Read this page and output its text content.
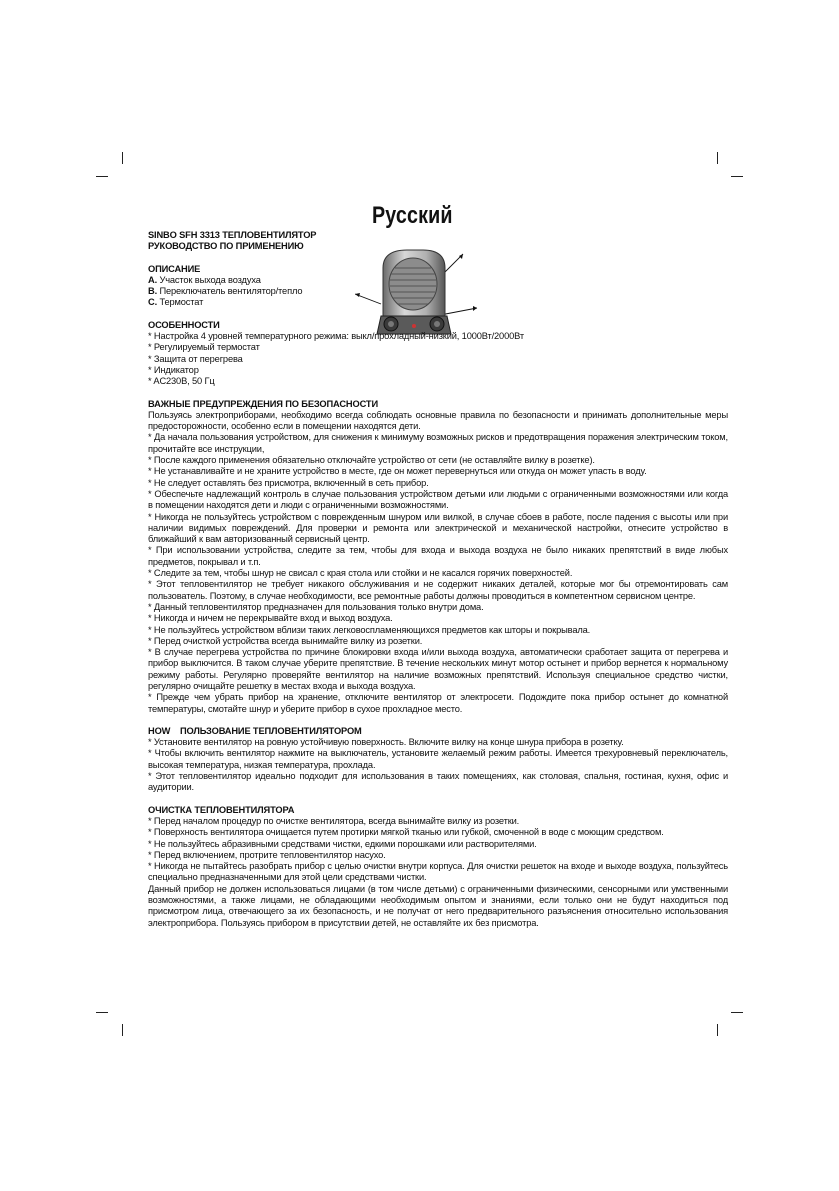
Русский

SINBO SFH 3313 ТЕПЛОВЕНТИЛЯТОР

РУКОВОДСТВО ПО ПРИМЕНЕНИЮ

ОПИСАНИЕ

A. Участок выхода воздуха

B. Переключатель вентилятор/тепло

C. Термостат

ОСОБЕННОСТИ

* Настройка 4 уровней температурного режима: выкл/прохладный-низкий, 1000Вт/2000Вт

* Регулируемый термостат

* Защита от перегрева

* Индикатор

* AC230В, 50 Гц

ВАЖНЫЕ ПРЕДУПРЕЖДЕНИЯ ПО БЕЗОПАСНОСТИ

Пользуясь электроприборами, необходимо всегда соблюдать основные правила по безопасности и принимать дополнительные меры предосторожности, особенно если в помещении находятся дети.

* Да начала пользования устройством, для снижения к минимуму возможных рисков и предотвращения поражения электрическим током, прочитайте все инструкции,

* После каждого применения обязательно отключайте устройство от сети (не оставляйте вилку в розетке).

* Не устанавливайте и не храните устройство в месте, где он может перевернуться или откуда он может упасть в воду.

* Не следует оставлять без присмотра, включенный в сеть прибор.

* Обеспечьте надлежащий контроль в случае пользования устройством детьми или людьми с ограниченными возможностями или когда в помещении находятся дети и люди с ограниченными возможностями.

* Никогда не пользуйтесь устройством с поврежденным шнуром или вилкой, в случае сбоев в работе, после падения с высоты или при наличии видимых повреждений. Для проверки и ремонта или электрической и механической настройки, отнесите устройство в ближайший к вам авторизованный сервисный центр.

* При использовании устройства, следите за тем, чтобы для входа и выхода воздуха не было никаких препятствий в виде любых предметов, покрывал и т.п.

* Следите за тем, чтобы шнур не свисал с края стола или стойки и не касался горячих поверхностей.

* Этот тепловентилятор не требует никакого обслуживания и не содержит никаких деталей, которые мог бы отремонтировать сам пользователь. Поэтому, в случае необходимости, все ремонтные работы должны проводиться в компетентном сервисном центре.

* Данный тепловентилятор предназначен для пользования только внутри дома.

* Никогда и ничем не перекрывайте вход и выход воздуха.

* Не пользуйтесь устройством вблизи таких легковоспламеняющихся предметов как шторы и покрывала.

* Перед очисткой устройства всегда вынимайте вилку из розетки.

* В случае перегрева устройства по причине блокировки входа и/или выхода воздуха, автоматически сработает защита от перегрева и прибор выключится. В таком случае уберите препятствие. В течение нескольких минут мотор остынет и прибор вернется к нормальному режиму работы. Регулярно проверяйте вентилятор на наличие возможных препятствий. Используя специальное средство чистки, регулярно очищайте решетку в местах входа и выхода воздуха.

* Прежде чем убрать прибор на хранение, отключите вентилятор от электросети. Подождите пока прибор остынет до комнатной температуры, смотайте шнур и уберите прибор в сухое прохладное место.

HOW    ПОЛЬЗОВАНИЕ ТЕПЛОВЕНТИЛЯТОРОМ

* Установите вентилятор на ровную устойчивую поверхность. Включите вилку на конце шнура прибора в розетку.

* Чтобы включить вентилятор нажмите на выключатель, установите желаемый режим работы. Имеется трехуровневый переключатель, высокая температура, низкая температура, прохлада.

* Этот тепловентилятор идеально подходит для использования в таких помещениях, как столовая, спальня, гостиная, кухня, офис и аудитории.

ОЧИСТКА ТЕПЛОВЕНТИЛЯТОРА

* Перед началом процедур по очистке вентилятора, всегда вынимайте вилку из розетки.

* Поверхность вентилятора очищается путем протирки мягкой тканью или губкой, смоченной в воде с моющим средством.

* Не пользуйтесь абразивными средствами чистки, едкими порошками или растворителями.

* Перед включением, протрите тепловентилятор насухо.

* Никогда не пытайтесь разобрать прибор с целью очистки внутри корпуса. Для очистки решеток на входе и выходе воздуха, пользуйтесь специально предназначенными для этой цели средствами чистки.

Данный прибор не должен использоваться лицами (в том числе детьми) с ограниченными физическими, сенсорными или умственными возможностями, а также лицами, не обладающими необходимым опытом и знаниями, если только они не будут находиться под присмотром лица, отвечающего за их безопасность, и не получат от него предварительного разъяснения относительно использования электроприбора. Пользуясь прибором в присутствии детей, не оставляйте их без присмотра.
